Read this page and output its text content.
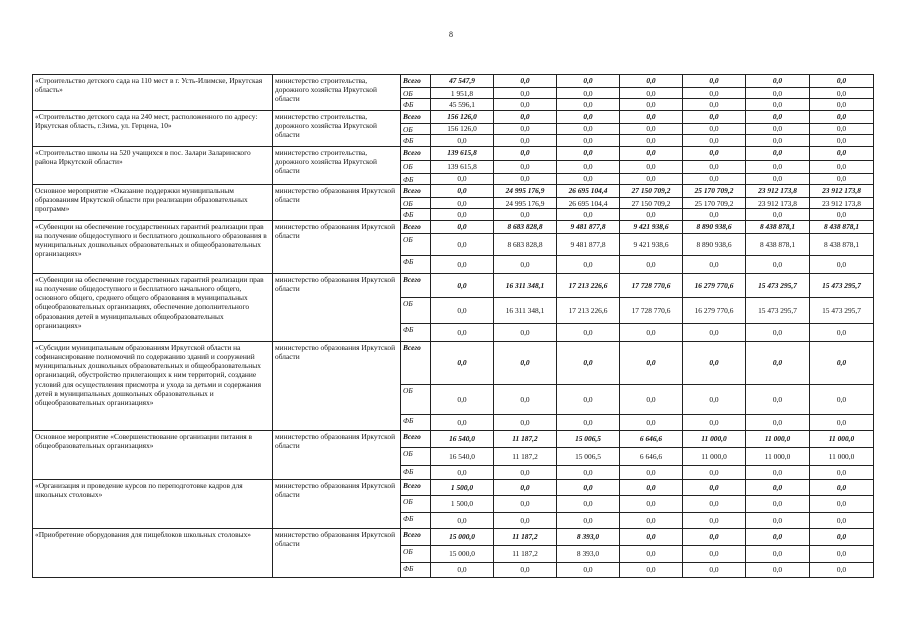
8
«Строительство детского сада на 110 мест в г. Усть-Илимске, Иркутская область»	министерство строительства, дорожного хозяйства Иркутской области	Всего	47 547,9	0,0	0,0	0,0	0,0	0,0	0,0
		ОБ	1 951,8	0,0	0,0	0,0	0,0	0,0	0,0
		ФБ	45 596,1	0,0	0,0	0,0	0,0	0,0	0,0
«Строительство детского сада на 240 мест, расположенного по адресу: Иркутская область, г.Зима, ул. Герцена, 10»	министерство строительства, дорожного хозяйства Иркутской области	Всего	156 126,0	0,0	0,0	0,0	0,0	0,0	0,0
		ОБ	156 126,0	0,0	0,0	0,0	0,0	0,0	0,0
		ФБ	0,0	0,0	0,0	0,0	0,0	0,0	0,0
«Строительство школы на 520 учащихся в пос. Залари Заларинского района Иркутской области»	министерство строительства, дорожного хозяйства Иркутской области	Всего	139 615,8	0,0	0,0	0,0	0,0	0,0	0,0
		ОБ	139 615,8	0,0	0,0	0,0	0,0	0,0	0,0
		ФБ	0,0	0,0	0,0	0,0	0,0	0,0	0,0
Основное мероприятие «Оказание поддержки муниципальным образованиям Иркутской области при реализации образовательных программ»	министерство образования Иркутской области	Всего	0,0	24 995 176,9	26 695 104,4	27 150 709,2	25 170 709,2	23 912 173,8	23 912 173,8
		ОБ	0,0	24 995 176,9	26 695 104,4	27 150 709,2	25 170 709,2	23 912 173,8	23 912 173,8
		ФБ	0,0	0,0	0,0	0,0	0,0	0,0	0,0
«Субвенции на обеспечение государственных гарантий реализации прав на получение общедоступного и бесплатного дошкольного образования в муниципальных дошкольных образовательных и общеобразовательных организациях»	министерство образования Иркутской области	Всего	0,0	8 683 828,8	9 481 877,8	9 421 938,6	8 890 938,6	8 438 878,1	8 438 878,1
		ОБ	0,0	8 683 828,8	9 481 877,8	9 421 938,6	8 890 938,6	8 438 878,1	8 438 878,1
		ФБ	0,0	0,0	0,0	0,0	0,0	0,0	0,0
«Субвенции на обеспечение государственных гарантий реализации прав на получение общедоступного и бесплатного начального общего, основного общего, среднего общего образования в муниципальных общеобразовательных организациях, обеспечение дополнительного образования детей в муниципальных общеобразовательных организациях»	министерство образования Иркутской области	Всего	0,0	16 311 348,1	17 213 226,6	17 728 770,6	16 279 770,6	15 473 295,7	15 473 295,7
		ОБ	0,0	16 311 348,1	17 213 226,6	17 728 770,6	16 279 770,6	15 473 295,7	15 473 295,7
		ФБ	0,0	0,0	0,0	0,0	0,0	0,0	0,0
«Субсидии муниципальным образованиям Иркутской области на софинансирование полномочий по содержанию зданий и сооружений муниципальных дошкольных образовательных и общеобразовательных организаций, обустройство прилегающих к ним территорий, создание условий для осуществления присмотра и ухода за детьми и содержания детей в муниципальных дошкольных образовательных и общеобразовательных организациях»	министерство образования Иркутской области	Всего	0,0	0,0	0,0	0,0	0,0	0,0	0,0
		ОБ	0,0	0,0	0,0	0,0	0,0	0,0	0,0
		ФБ	0,0	0,0	0,0	0,0	0,0	0,0	0,0
Основное мероприятие «Совершенствование организации питания в общеобразовательных организациях»	министерство образования Иркутской области	Всего	16 540,0	11 187,2	15 006,5	6 646,6	11 000,0	11 000,0	11 000,0
		ОБ	16 540,0	11 187,2	15 006,5	6 646,6	11 000,0	11 000,0	11 000,0
		ФБ	0,0	0,0	0,0	0,0	0,0	0,0	0,0
«Организация и проведение курсов по переподготовке кадров для школьных столовых»	министерство образования Иркутской области	Всего	1 500,0	0,0	0,0	0,0	0,0	0,0	0,0
		ОБ	1 500,0	0,0	0,0	0,0	0,0	0,0	0,0
		ФБ	0,0	0,0	0,0	0,0	0,0	0,0	0,0
«Приобретение оборудования для пищеблоков школьных столовых»	министерство образования Иркутской области	Всего	15 000,0	11 187,2	8 393,0	0,0	0,0	0,0	0,0
		ОБ	15 000,0	11 187,2	8 393,0	0,0	0,0	0,0	0,0
		ФБ	0,0	0,0	0,0	0,0	0,0	0,0	0,0
